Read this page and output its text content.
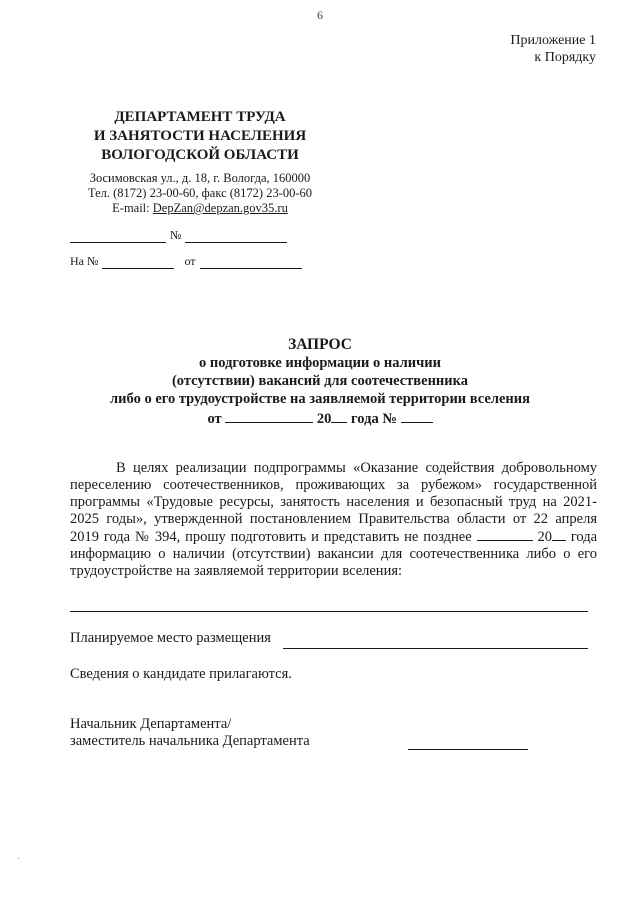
6
Приложение 1
к Порядку
ДЕПАРТАМЕНТ ТРУДА
И ЗАНЯТОСТИ НАСЕЛЕНИЯ
ВОЛОГОДСКОЙ ОБЛАСТИ
Зосимовская ул., д. 18, г. Вологда, 160000
Тел. (8172) 23-00-60, факс (8172) 23-00-60
E-mail: DepZan@depzan.gov35.ru
№
На №	от
ЗАПРОС
о подготовке информации о наличии
(отсутствии) вакансий для соотечественника
либо о его трудоустройстве на заявляемой территории вселения
от	20 года №
В целях реализации подпрограммы «Оказание содействия добровольному переселению соотечественников, проживающих за рубежом» государственной программы «Трудовые ресурсы, занятость населения и безопасный труд на 2021-2025 годы», утвержденной постановлением Правительства области от 22 апреля 2019 года № 394, прошу подготовить и представить не позднее	20 года информацию о наличии (отсутствии) вакансии для соотечественника либо о его трудоустройстве на заявляемой территории вселения:
Планируемое место размещения
Сведения о кандидате прилагаются.
Начальник Департамента/
заместитель начальника Департамента
